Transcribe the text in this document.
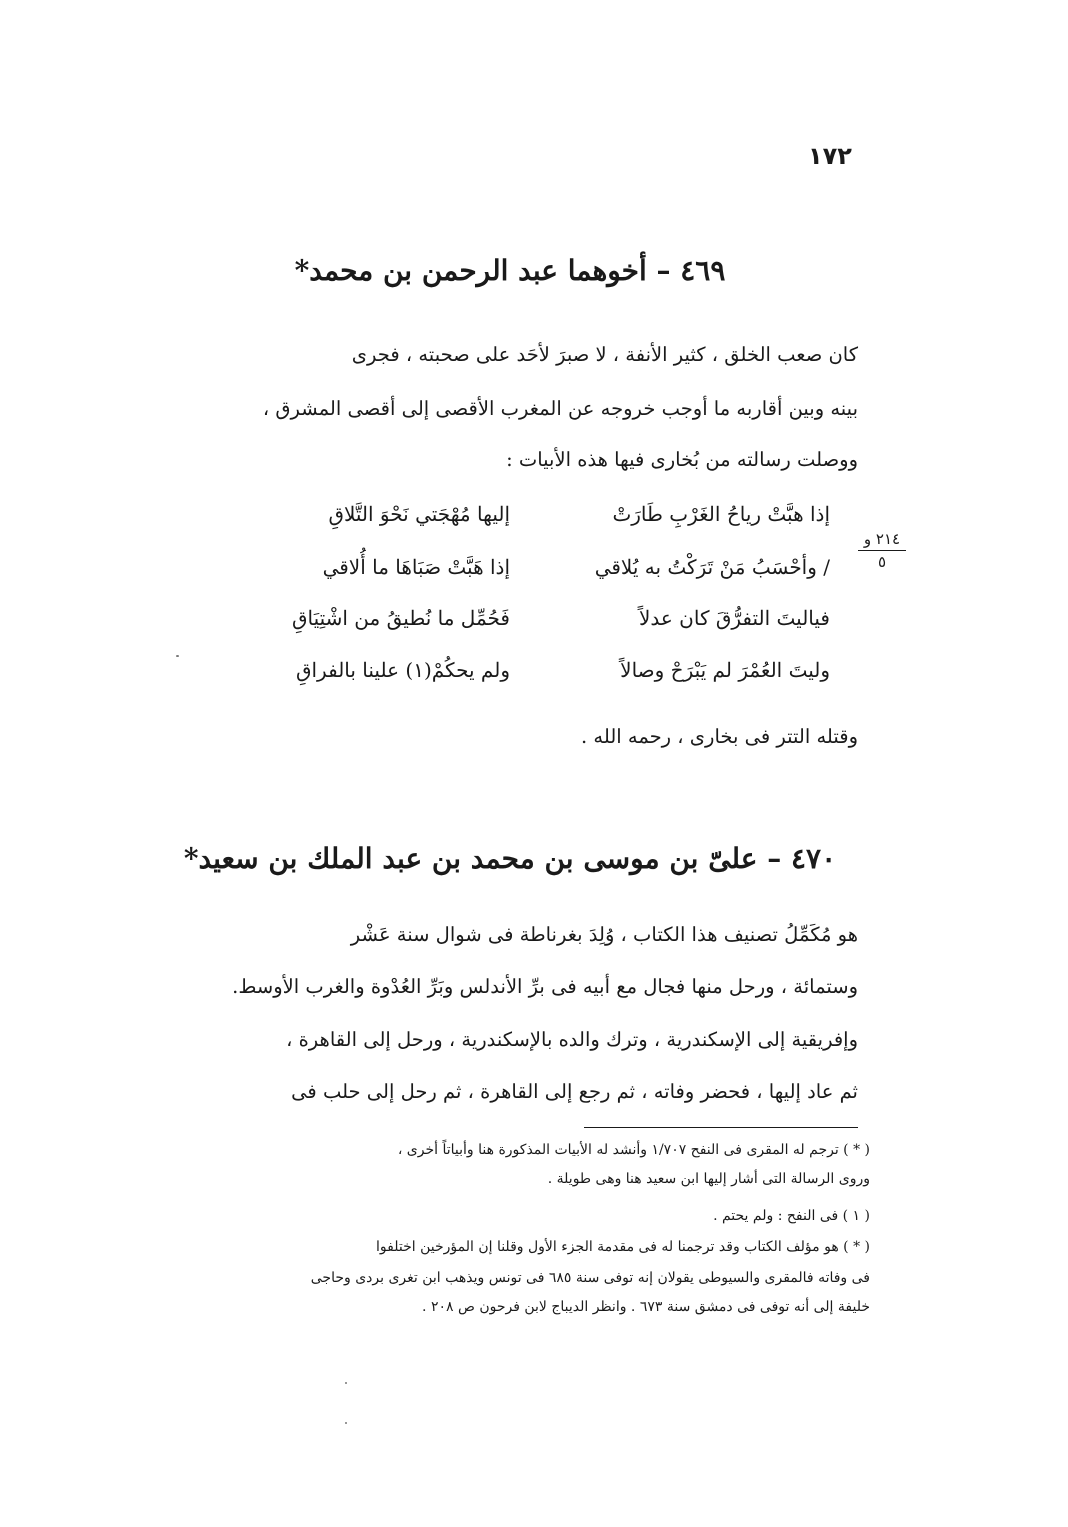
١٧٢
٤٦٩ – أخوهما عبد الرحمن بن محمد*
كان صعب الخلق ، كثير الأنفة ، لا صبرَ لأحَد على صحبته ، فجرى
بينه وبين أقاربه ما أوجب خروجه عن المغرب الأقصى إلى أقصى المشرق ،
ووصلت رسالته من بُخارى فيها هذه الأبيات :
إذا هبَّتْ رياحُ الغَرْبِ طَارَتْ
إليها مُهْجَتي نَحْوَ التَّلاقِ
/ وأحْسَبُ مَنْ تَرَكْتُ به يُلاقي
إذا هَبَّتْ صَبَاهَا ما أُلاقي
فياليتَ التفرُّقَ كان عدلاً
فَحُمِّل ما نُطيقُ من اشْتِيَاقِ
وليتَ العُمْرَ لم يَبْرَحْ وصالاً
ولم يحكُمْ(١) علينا بالفراقِ
٢١٤ و
٥
وقتله التتر فى بخارى ، رحمه الله .
٤٧٠ – علىّ بن موسى بن محمد بن عبد الملك بن سعيد*
هو مُكَمِّلُ تصنيف هذا الكتاب ، وُلِدَ بغرناطة فى شوال سنة عَشْر
وستمائة ، ورحل منها فجال مع أبيه فى برِّ الأندلس وبَرِّ العُدْوة والغرب الأوسط.
وإفريقية إلى الإسكندرية ، وترك والده بالإسكندرية ، ورحل إلى القاهرة ،
ثم عاد إليها ، فحضر وفاته ، ثم رجع إلى القاهرة ، ثم رحل إلى حلب فى
( * ) ترجم له المقرى فى النفح ١/٧٠٧ وأنشد له الأبيات المذكورة هنا وأبياتاً أخرى ،
وروى الرسالة التى أشار إليها ابن سعيد هنا وهى طويلة .
( ١ ) فى النفح : ولم يحتم .
( * ) هو مؤلف الكتاب وقد ترجمنا له فى مقدمة الجزء الأول وقلنا إن المؤرخين اختلفوا
فى وفاته فالمقرى والسيوطى يقولان إنه توفى سنة ٦٨٥ فى تونس ويذهب ابن تغرى بردى وحاجى
خليفة إلى أنه توفى فى دمشق سنة ٦٧٣ . وانظر الديباج لابن فرحون ص ٢٠٨ .
